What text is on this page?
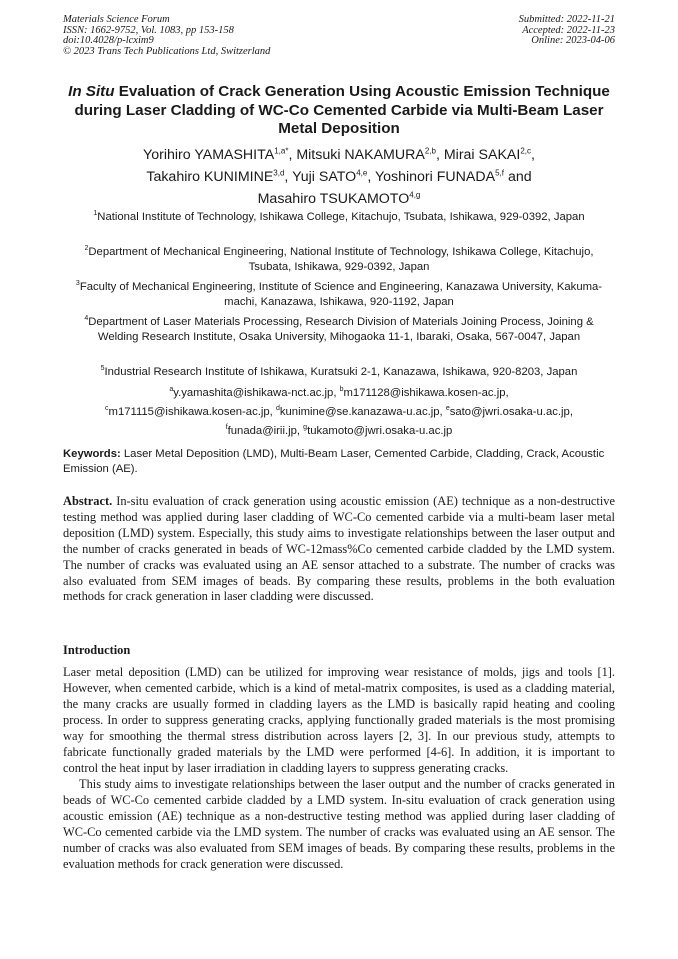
Materials Science Forum
ISSN: 1662-9752, Vol. 1083, pp 153-158
doi:10.4028/p-lcxim9
© 2023 Trans Tech Publications Ltd, Switzerland
Submitted: 2022-11-21
Accepted: 2022-11-23
Online: 2023-04-06
In Situ Evaluation of Crack Generation Using Acoustic Emission Technique during Laser Cladding of WC-Co Cemented Carbide via Multi-Beam Laser Metal Deposition
Yorihiro $YAMASHITA^{1,a*}$, Mitsuki NAKAMURA$^{2,b}$, Mirai SAKAI$^{2,c}$,
Takahiro KUNIMINE$^{3,d}$, Yuji SATO$^{4,e}$, Yoshinori FUNADA$^{5,f}$ and
Masahiro TSUKAMOTO$^{4,g}$
$^1$National Institute of Technology, Ishikawa College, Kitachujo, Tsubata, Ishikawa, 929-0392, Japan
$^2$Department of Mechanical Engineering, National Institute of Technology, Ishikawa College, Kitachujo, Tsubata, Ishikawa, 929-0392, Japan
$^3$Faculty of Mechanical Engineering, Institute of Science and Engineering, Kanazawa University, Kakuma-machi, Kanazawa, Ishikawa, 920-1192, Japan
$^4$Department of Laser Materials Processing, Research Division of Materials Joining Process, Joining & Welding Research Institute, Osaka University, Mihogaoka 11-1, Ibaraki, Osaka, 567-0047, Japan
$^5$Industrial Research Institute of Ishikawa, Kuratsuki 2-1, Kanazawa, Ishikawa, 920-8203, Japan
$^a$y.yamashita@ishikawa-nct.ac.jp, $^b$m171128@ishikawa.kosen-ac.jp,
$^c$m171115@ishikawa.kosen-ac.jp, $^d$kunimine@se.kanazawa-u.ac.jp, $^e$sato@jwri.osaka-u.ac.jp,
$^f$funada@irii.jp, $^g$tukamoto@jwri.osaka-u.ac.jp
Keywords: Laser Metal Deposition (LMD), Multi-Beam Laser, Cemented Carbide, Cladding, Crack, Acoustic Emission (AE).
Abstract. In-situ evaluation of crack generation using acoustic emission (AE) technique as a non-destructive testing method was applied during laser cladding of WC-Co cemented carbide via a multi-beam laser metal deposition (LMD) system. Especially, this study aims to investigate relationships between the laser output and the number of cracks generated in beads of WC-12mass%Co cemented carbide cladded by the LMD system. The number of cracks was evaluated using an AE sensor attached to a substrate. The number of cracks was also evaluated from SEM images of beads. By comparing these results, problems in the both evaluation methods for crack generation in laser cladding were discussed.
Introduction

Laser metal deposition (LMD) can be utilized for improving wear resistance of molds, jigs and tools [1]. However, when cemented carbide, which is a kind of metal-matrix composites, is used as a cladding material, the many cracks are usually formed in cladding layers as the LMD is basically rapid heating and cooling process. In order to suppress generating cracks, applying functionally graded materials is the most promising way for smoothing the thermal stress distribution across layers [2, 3]. In our previous study, attempts to fabricate functionally graded materials by the LMD were performed [4-6]. In addition, it is important to control the heat input by laser irradiation in cladding layers to suppress generating cracks.

This study aims to investigate relationships between the laser output and the number of cracks generated in beads of WC-Co cemented carbide cladded by a LMD system. In-situ evaluation of crack generation using acoustic emission (AE) technique as a non-destructive testing method was applied during laser cladding of WC-Co cemented carbide via the LMD system. The number of cracks was evaluated using an AE sensor. The number of cracks was also evaluated from SEM images of beads. By comparing these results, problems in the evaluation methods for crack generation were discussed.
